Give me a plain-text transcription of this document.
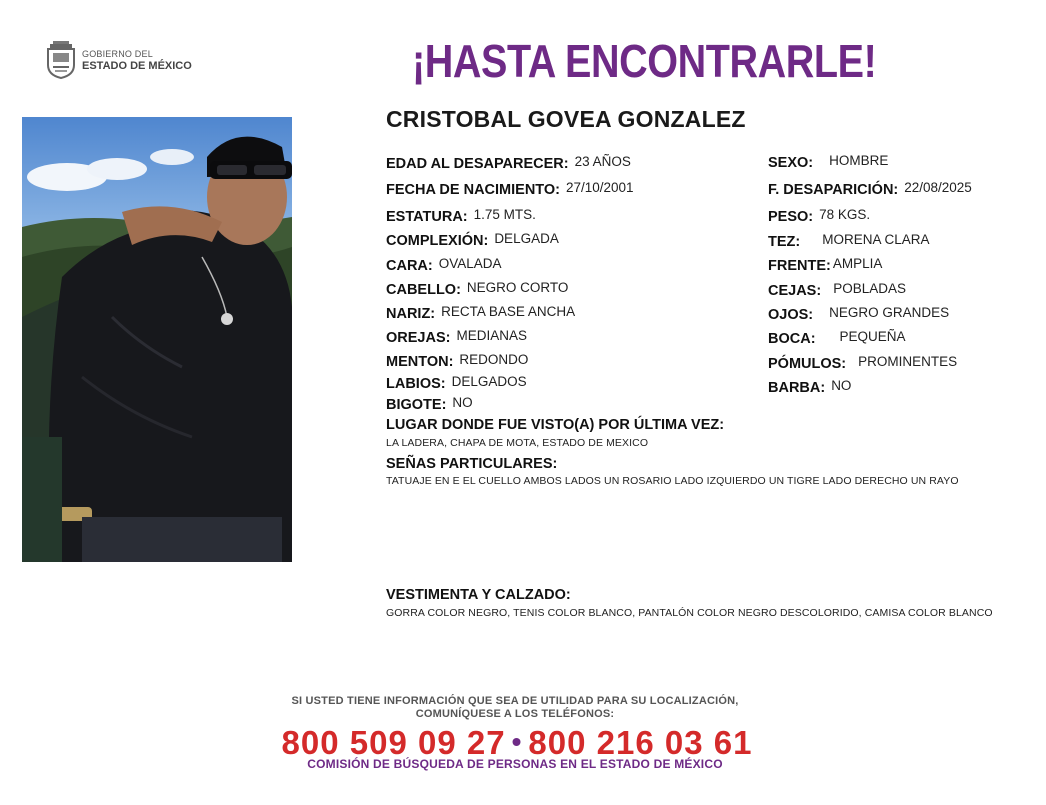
GOBIERNO DEL
ESTADO DE MÉXICO	¡HASTA ENCONTRARLE!
CRISTOBAL GOVEA GONZALEZ
EDAD AL DESAPARECER: 23 AÑOS
FECHA DE NACIMIENTO: 27/10/2001
ESTATURA: 1.75 MTS.
COMPLEXIÓN: DELGADA
CARA: OVALADA
CABELLO: NEGRO CORTO
NARIZ: RECTA BASE ANCHA
OREJAS: MEDIANAS
MENTON: REDONDO
LABIOS: DELGADOS
BIGOTE: NO
SEXO: HOMBRE
F. DESAPARICIÓN: 22/08/2025
PESO: 78 KGS.
TEZ: MORENA CLARA
FRENTE: AMPLIA
CEJAS: POBLADAS
OJOS: NEGRO GRANDES
BOCA: PEQUEÑA
PÓMULOS: PROMINENTES
BARBA: NO
LUGAR DONDE FUE VISTO(A) POR ÚLTIMA VEZ:
LA LADERA, CHAPA DE MOTA, ESTADO DE MEXICO
SEÑAS PARTICULARES:
TATUAJE EN E EL CUELLO AMBOS LADOS UN ROSARIO LADO IZQUIERDO UN TIGRE LADO DERECHO UN RAYO
VESTIMENTA Y CALZADO:
GORRA COLOR NEGRO, TENIS COLOR BLANCO, PANTALÓN COLOR NEGRO DESCOLORIDO, CAMISA COLOR BLANCO
SI USTED TIENE INFORMACIÓN QUE SEA DE UTILIDAD PARA SU LOCALIZACIÓN,
COMUNÍQUESE A LOS TELÉFONOS:
800 509 09 27 • 800 216 03 61
COMISIÓN DE BÚSQUEDA DE PERSONAS EN EL ESTADO DE MÉXICO
